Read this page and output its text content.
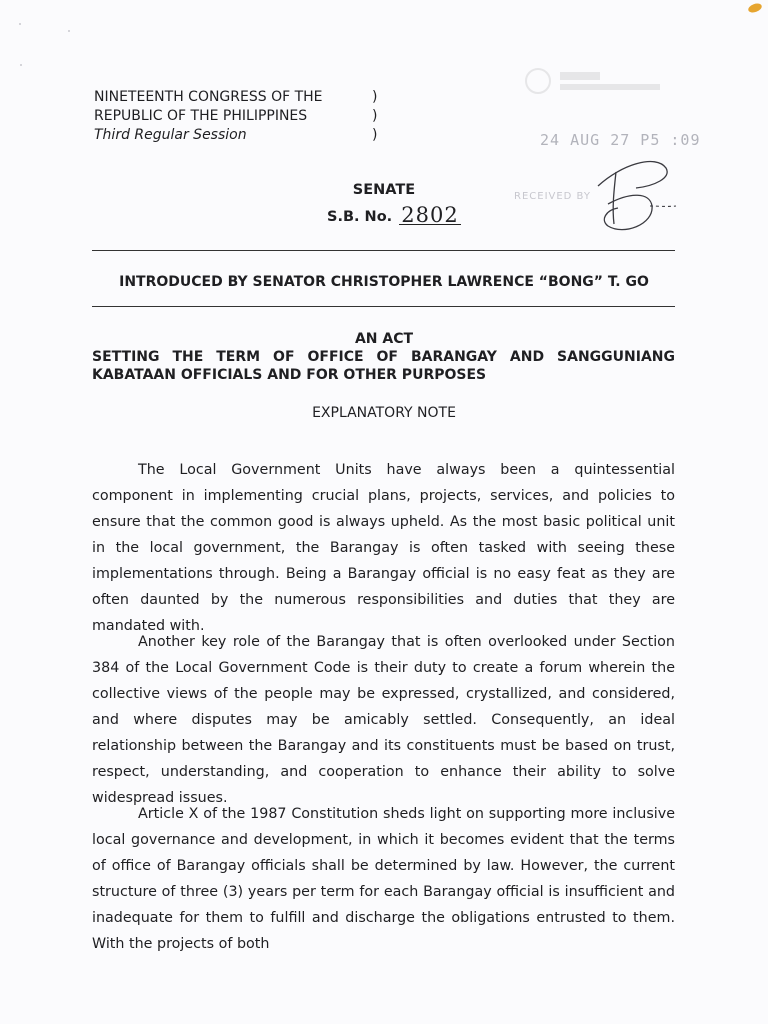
NINETEENTH CONGRESS OF THE
REPUBLIC OF THE PHILIPPINES
Third Regular Session
)
)
)	24 AUG 27 P5 :09
RECEIVED BY
SENATE
S.B. No. 2802
INTRODUCED BY SENATOR CHRISTOPHER LAWRENCE “BONG” T. GO
AN ACT
SETTING THE TERM OF OFFICE OF BARANGAY AND SANGGUNIANG KABATAAN OFFICIALS AND FOR OTHER PURPOSES
EXPLANATORY NOTE
The Local Government Units have always been a quintessential component in implementing crucial plans, projects, services, and policies to ensure that the common good is always upheld. As the most basic political unit in the local government, the Barangay is often tasked with seeing these implementations through. Being a Barangay official is no easy feat as they are often daunted by the numerous responsibilities and duties that they are mandated with.
Another key role of the Barangay that is often overlooked under Section 384 of the Local Government Code is their duty to create a forum wherein the collective views of the people may be expressed, crystallized, and considered, and where disputes may be amicably settled. Consequently, an ideal relationship between the Barangay and its constituents must be based on trust, respect, understanding, and cooperation to enhance their ability to solve widespread issues.
Article X of the 1987 Constitution sheds light on supporting more inclusive local governance and development, in which it becomes evident that the terms of office of Barangay officials shall be determined by law. However, the current structure of three (3) years per term for each Barangay official is insufficient and inadequate for them to fulfill and discharge the obligations entrusted to them. With the projects of both
